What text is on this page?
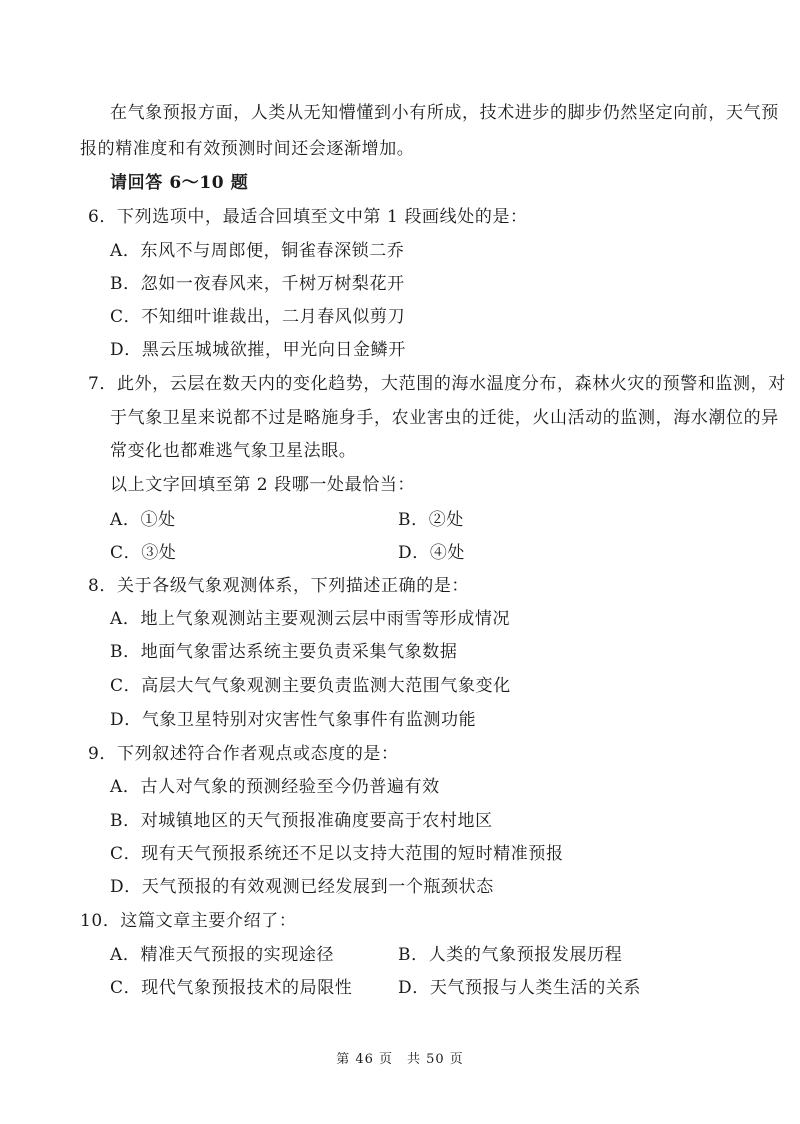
在气象预报方面，人类从无知懵懂到小有所成，技术进步的脚步仍然坚定向前，天气预
报的精准度和有效预测时间还会逐渐增加。
请回答 6～10 题
6．下列选项中，最适合回填至文中第 1 段画线处的是：
A．东风不与周郎便，铜雀春深锁二乔
B．忽如一夜春风来，千树万树梨花开
C．不知细叶谁裁出，二月春风似剪刀
D．黑云压城城欲摧，甲光向日金鳞开
7．此外，云层在数天内的变化趋势，大范围的海水温度分布，森林火灾的预警和监测，对
于气象卫星来说都不过是略施身手，农业害虫的迁徙，火山活动的监测，海水潮位的异
常变化也都难逃气象卫星法眼。
以上文字回填至第 2 段哪一处最恰当：
A．①处	B．②处
C．③处	D．④处
8．关于各级气象观测体系，下列描述正确的是：
A．地上气象观测站主要观测云层中雨雪等形成情况
B．地面气象雷达系统主要负责采集气象数据
C．高层大气气象观测主要负责监测大范围气象变化
D．气象卫星特别对灾害性气象事件有监测功能
9．下列叙述符合作者观点或态度的是：
A．古人对气象的预测经验至今仍普遍有效
B．对城镇地区的天气预报准确度要高于农村地区
C．现有天气预报系统还不足以支持大范围的短时精准预报
D．天气预报的有效观测已经发展到一个瓶颈状态
10．这篇文章主要介绍了：
A．精准天气预报的实现途径	B．人类的气象预报发展历程
C．现代气象预报技术的局限性	D．天气预报与人类生活的关系
第 46 页　共 50 页
